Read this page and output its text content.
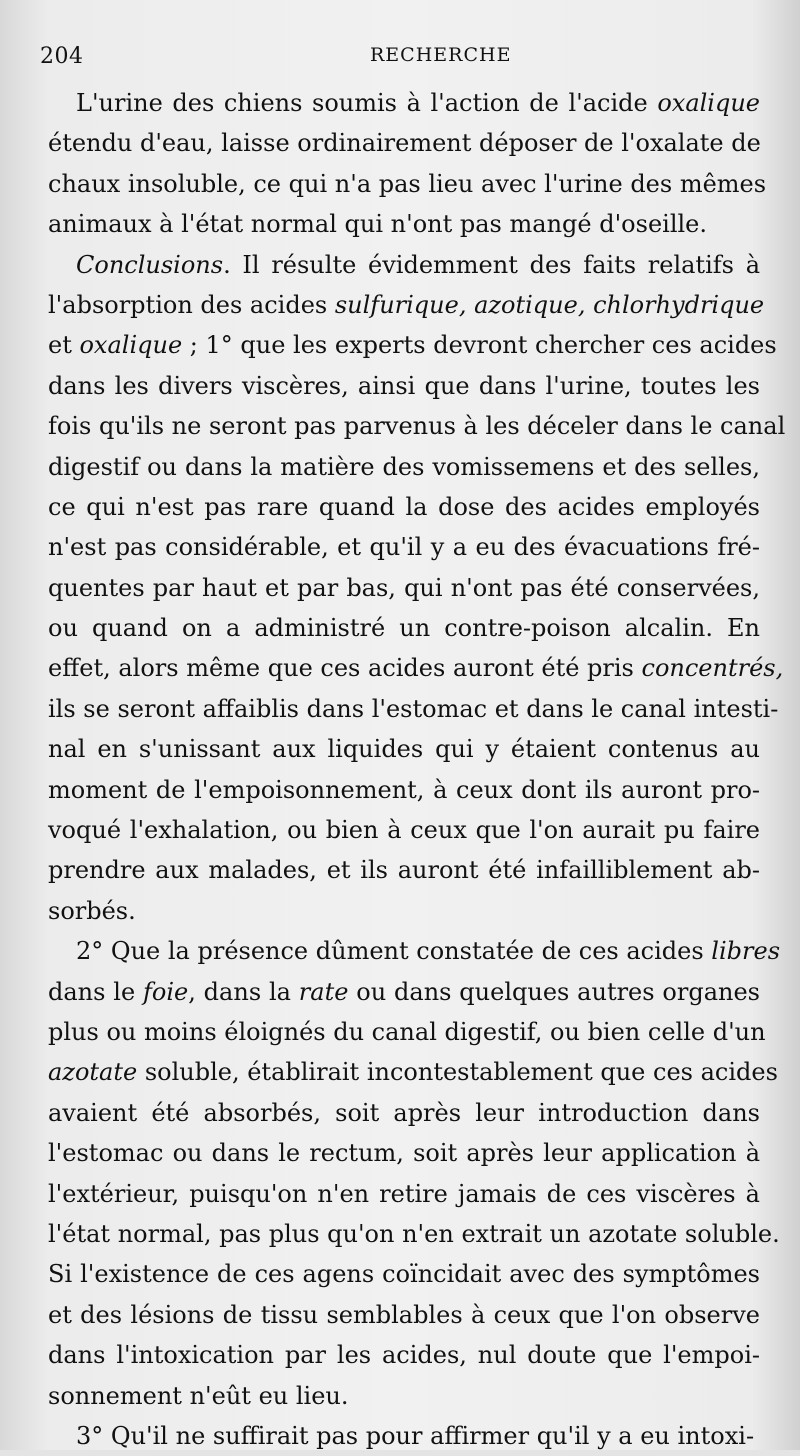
204	RECHERCHE
L'urine des chiens soumis à l'action de l'acide oxalique
étendu d'eau, laisse ordinairement déposer de l'oxalate de
chaux insoluble, ce qui n'a pas lieu avec l'urine des mêmes
animaux à l'état normal qui n'ont pas mangé d'oseille.
Conclusions. Il résulte évidemment des faits relatifs à
l'absorption des acides sulfurique, azotique, chlorhydrique
et oxalique ; 1° que les experts devront chercher ces acides
dans les divers viscères, ainsi que dans l'urine, toutes les
fois qu'ils ne seront pas parvenus à les déceler dans le canal
digestif ou dans la matière des vomissemens et des selles,
ce qui n'est pas rare quand la dose des acides employés
n'est pas considérable, et qu'il y a eu des évacuations fré-
quentes par haut et par bas, qui n'ont pas été conservées,
ou quand on a administré un contre-poison alcalin. En
effet, alors même que ces acides auront été pris concentrés,
ils se seront affaiblis dans l'estomac et dans le canal intesti-
nal en s'unissant aux liquides qui y étaient contenus au
moment de l'empoisonnement, à ceux dont ils auront pro-
voqué l'exhalation, ou bien à ceux que l'on aurait pu faire
prendre aux malades, et ils auront été infailliblement ab-
sorbés.
2° Que la présence dûment constatée de ces acides libres
dans le foie, dans la rate ou dans quelques autres organes
plus ou moins éloignés du canal digestif, ou bien celle d'un
azotate soluble, établirait incontestablement que ces acides
avaient été absorbés, soit après leur introduction dans
l'estomac ou dans le rectum, soit après leur application à
l'extérieur, puisqu'on n'en retire jamais de ces viscères à
l'état normal, pas plus qu'on n'en extrait un azotate soluble.
Si l'existence de ces agens coïncidait avec des symptômes
et des lésions de tissu semblables à ceux que l'on observe
dans l'intoxication par les acides, nul doute que l'empoi-
sonnement n'eût eu lieu.
3° Qu'il ne suffirait pas pour affirmer qu'il y a eu intoxi-
